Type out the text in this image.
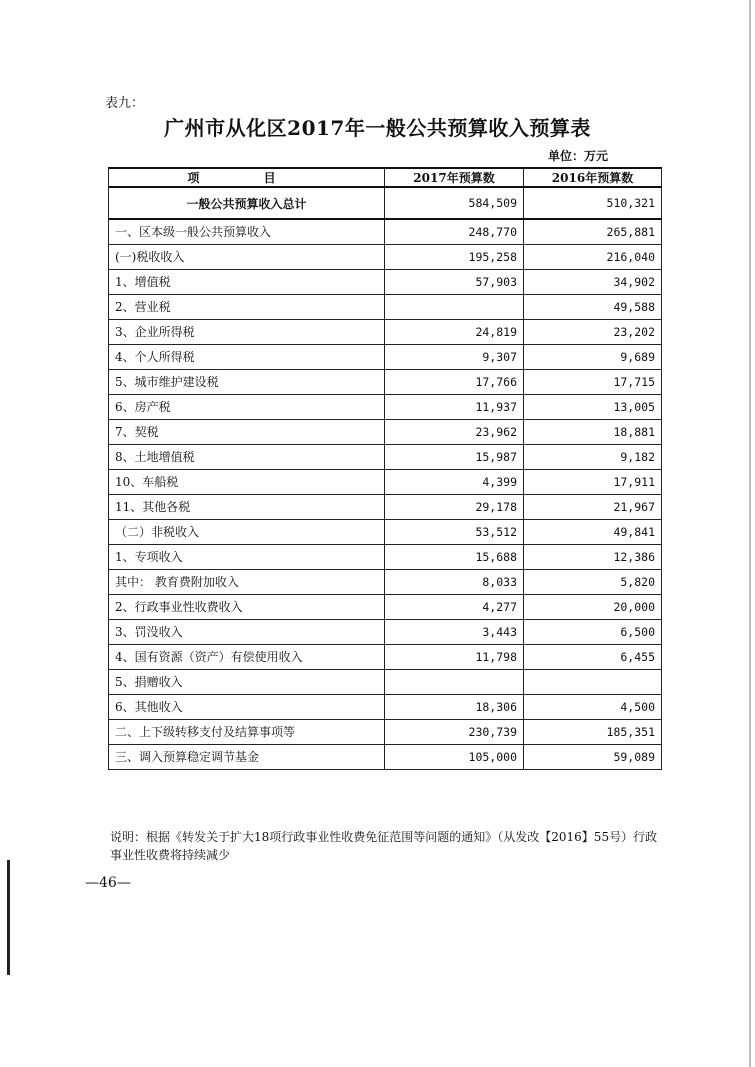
表九：
广州市从化区2017年一般公共预算收入预算表
单位：万元
项 目	2017年预算数	2016年预算数
一般公共预算收入总计	584,509	510,321
一、区本级一般公共预算收入	248,770	265,881
(一)税收收入	195,258	216,040
1、增值税	57,903	34,902
2、营业税		49,588
3、企业所得税	24,819	23,202
4、个人所得税	9,307	9,689
5、城市维护建设税	17,766	17,715
6、房产税	11,937	13,005
7、契税	23,962	18,881
8、土地增值税	15,987	9,182
10、车船税	4,399	17,911
11、其他各税	29,178	21,967
（二）非税收入	53,512	49,841
1、专项收入	15,688	12,386
其中： 教育费附加收入	8,033	5,820
2、行政事业性收费收入	4,277	20,000
3、罚没收入	3,443	6,500
4、国有资源（资产）有偿使用收入	11,798	6,455
5、捐赠收入		
6、其他收入	18,306	4,500
二、上下级转移支付及结算事项等	230,739	185,351
三、调入预算稳定调节基金	105,000	59,089
说明：根据《转发关于扩大18项行政事业性收费免征范围等问题的通知》（从发改【2016】55号）行政事业性收费将持续减少
—46—
